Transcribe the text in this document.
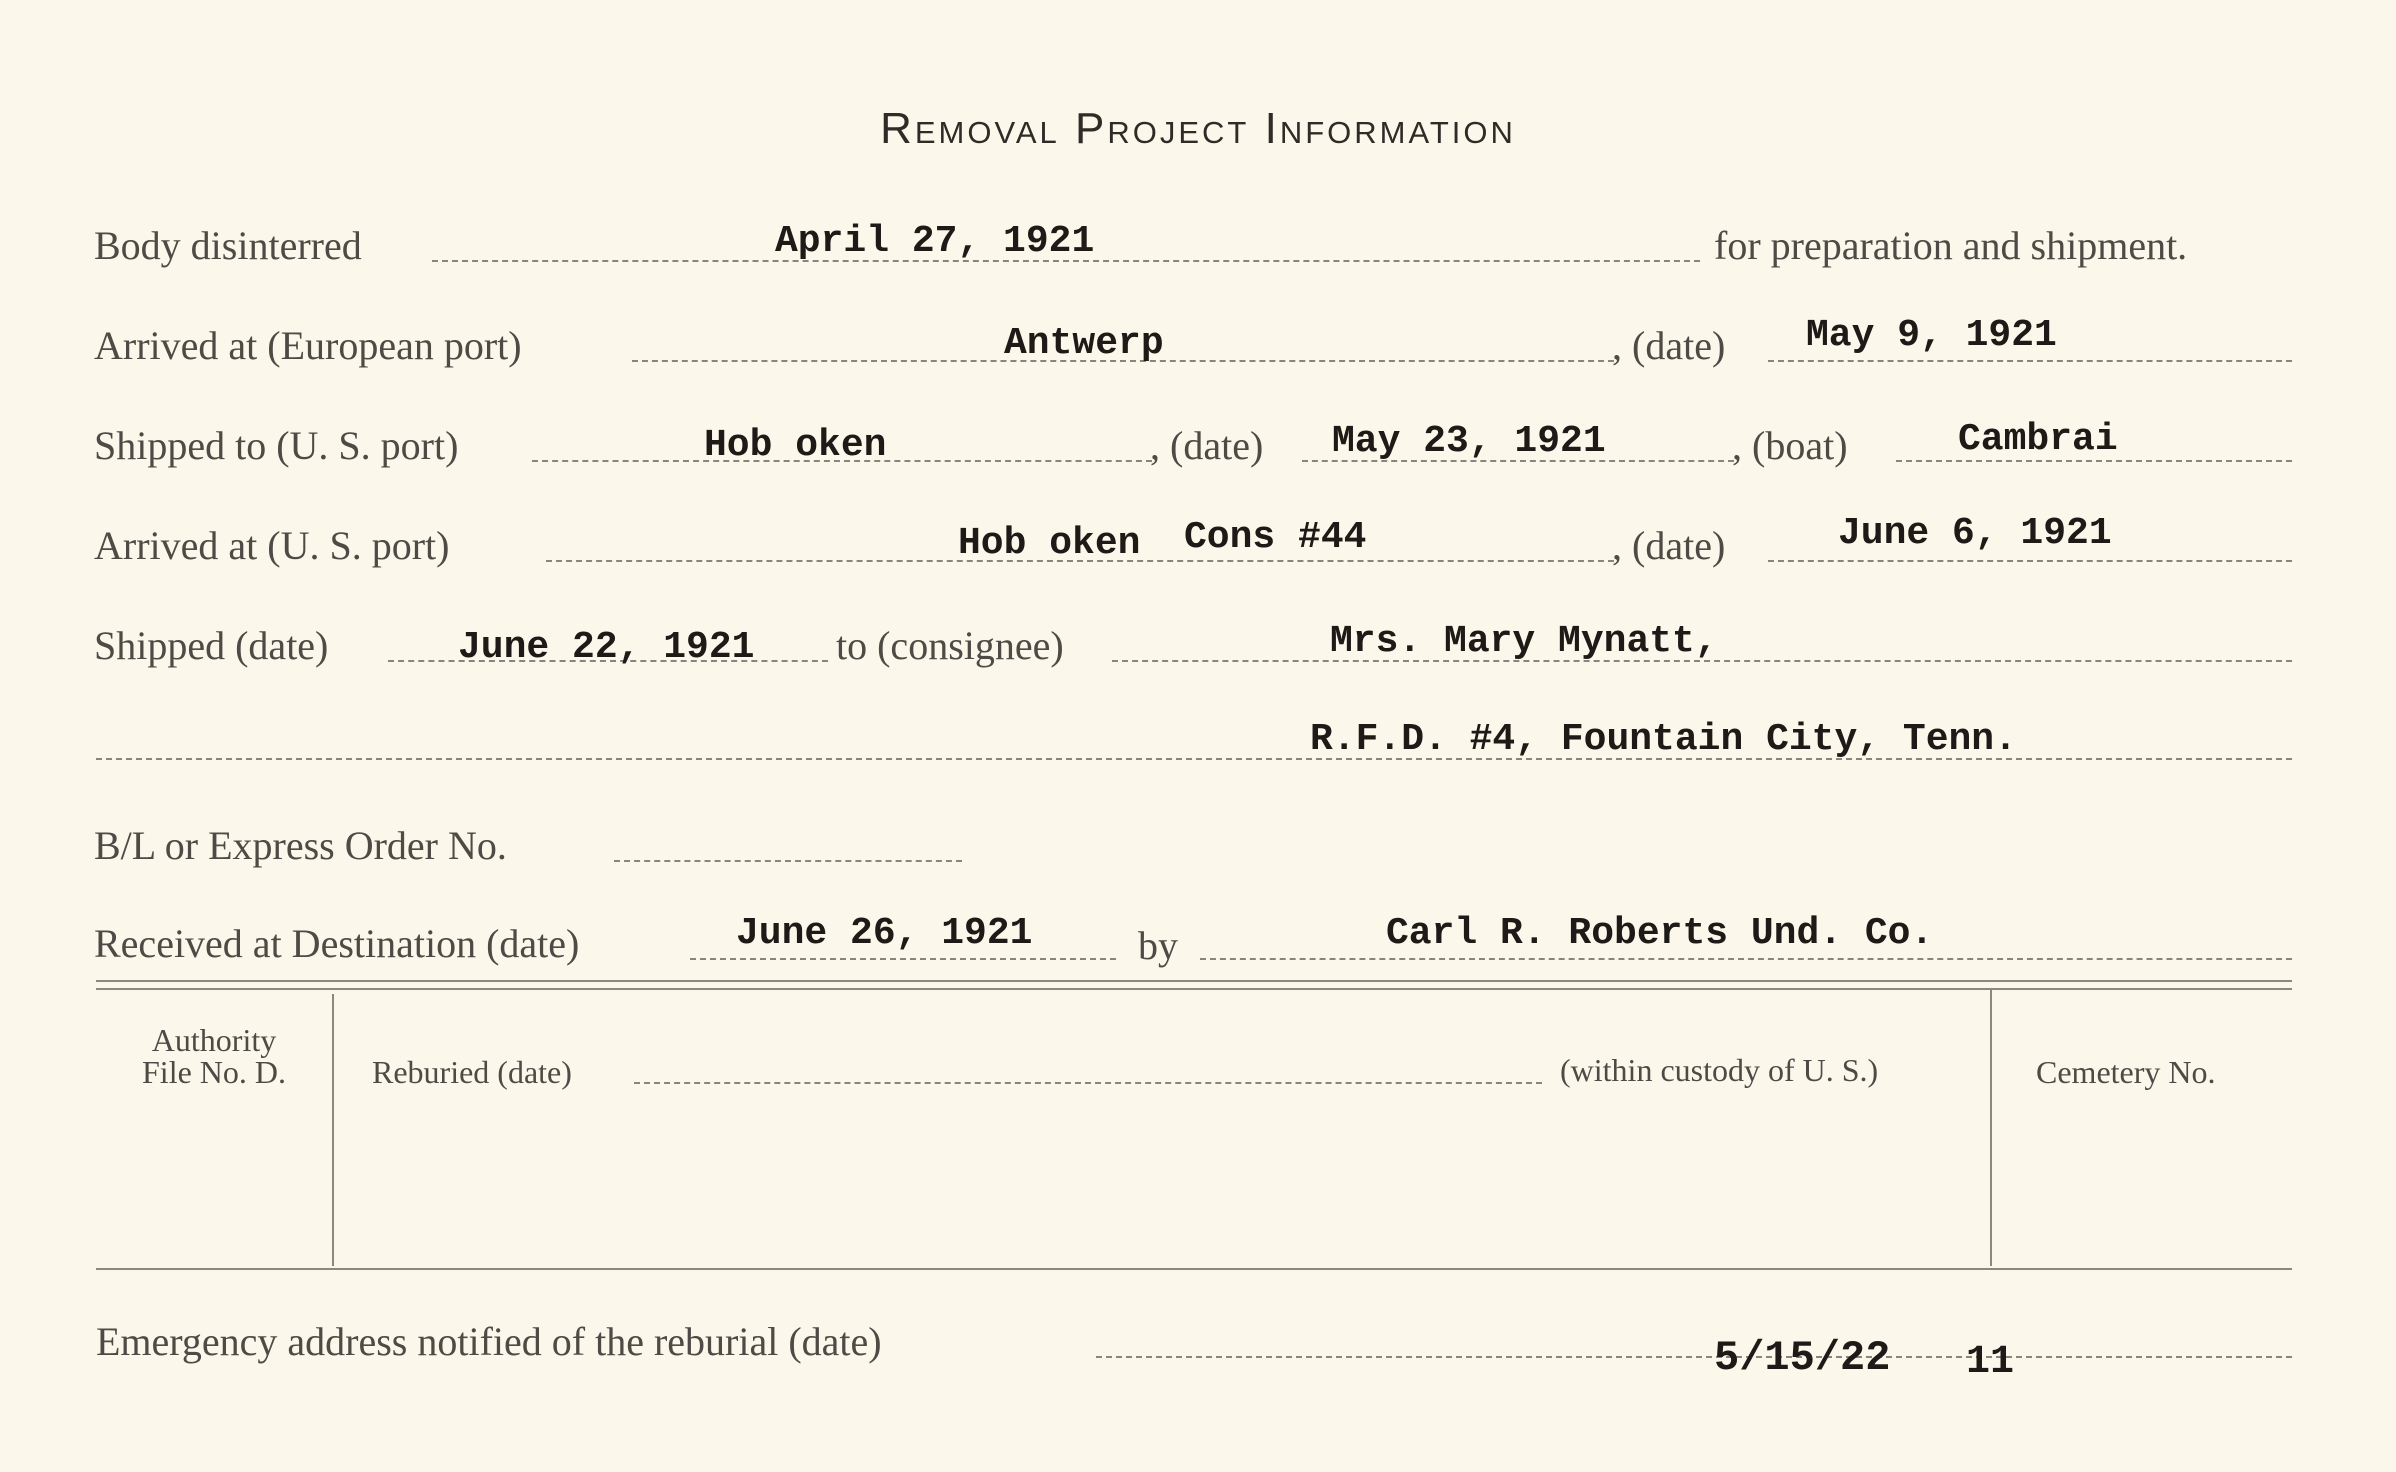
Removal Project Information
Body disinterred	April 27, 1921	for preparation and shipment.
Arrived at (European port)	Antwerp	, (date) May 9, 1921
Shipped to (U. S. port)	Hob oken	, (date) May 23, 1921	, (boat)	Cambrai
Arrived at (U. S. port)	Hob oken Cons #44	, (date)	June 6, 1921
Shipped (date)	June 22, 1921 to (consignee)	Mrs. Mary Mynatt,
R.F.D. #4, Fountain City, Tenn.
B/L or Express Order No.
Received at Destination (date)	June 26, 1921	by	Carl R. Roberts Und. Co.
Authority
File No. D.	Reburied (date)	(within custody of U. S.)	Cemetery No.
Emergency address notified of the reburial (date)	5/15/22 11
